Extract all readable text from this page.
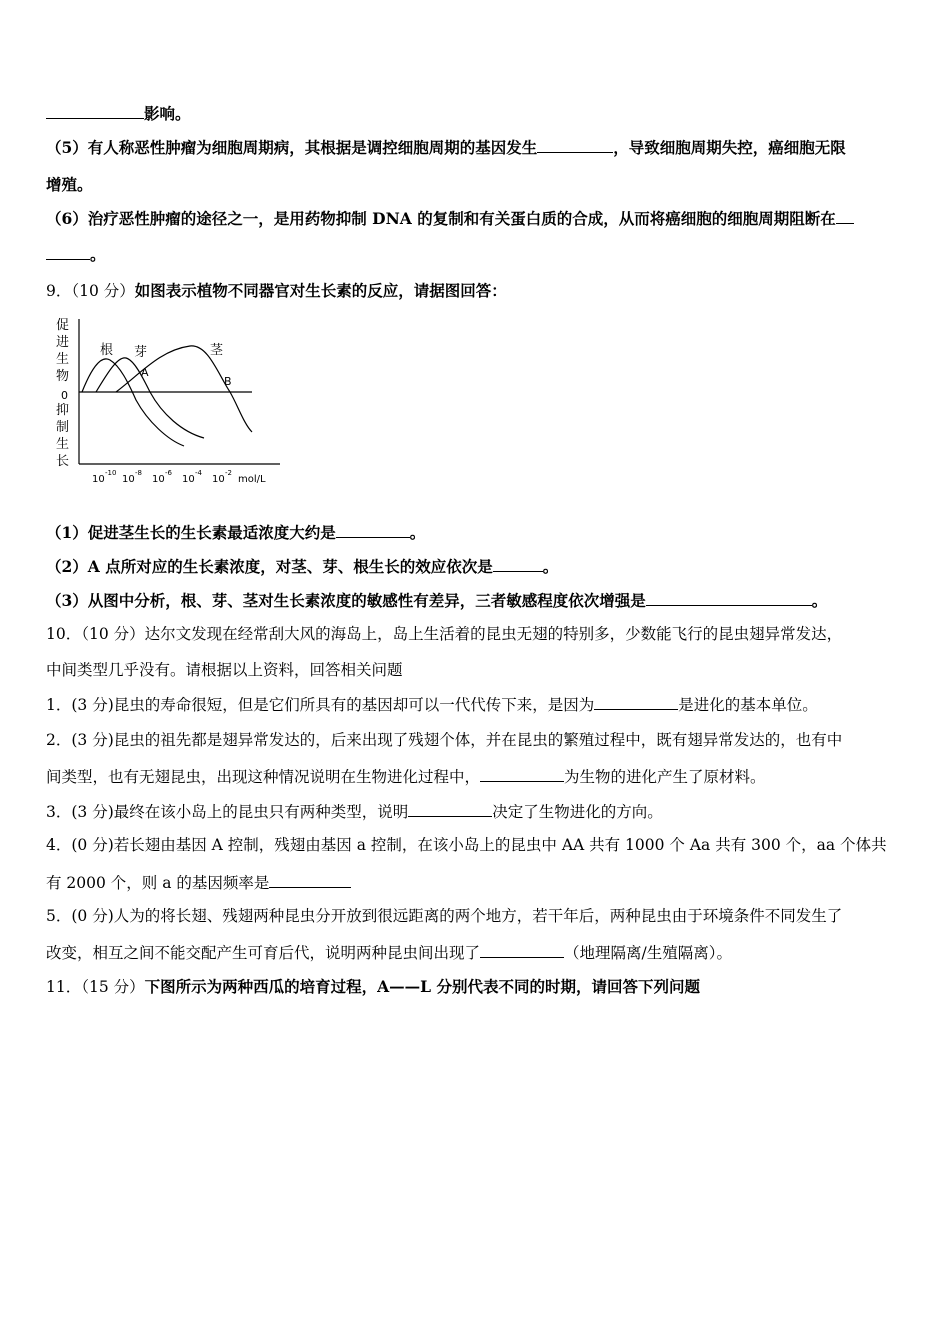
影响。
（5）有人称恶性肿瘤为细胞周期病，其根据是调控细胞周期的基因发生	，导致细胞周期失控，癌细胞无限
增殖。
（6）治疗恶性肿瘤的途径之一，是用药物抑制 DNA 的复制和有关蛋白质的合成，从而将癌细胞的细胞周期阻断在
。
9．（10 分）如图表示植物不同器官对生长素的反应，请据图回答：
促进生物
0
抑制生长
根 芽	茎
A
B
10
-10
10
-8
10
-6
10
-4
10
-2
mol/L
（1）促进茎生长的生长素最适浓度大约是	。
（2）A 点所对应的生长素浓度，对茎、芽、根生长的效应依次是	。
（3）从图中分析，根、芽、茎对生长素浓度的敏感性有差异，三者敏感程度依次增强是	。
10．（10 分）达尔文发现在经常刮大风的海岛上，岛上生活着的昆虫无翅的特别多，少数能飞行的昆虫翅异常发达，
中间类型几乎没有。请根据以上资料，回答相关问题
1．(3 分)昆虫的寿命很短，但是它们所具有的基因却可以一代代传下来，是因为	是进化的基本单位。
2．(3 分)昆虫的祖先都是翅异常发达的，后来出现了残翅个体，并在昆虫的繁殖过程中，既有翅异常发达的，也有中
间类型，也有无翅昆虫，出现这种情况说明在生物进化过程中，	为生物的进化产生了原材料。
3．(3 分)最终在该小岛上的昆虫只有两种类型，说明	决定了生物进化的方向。
4．(0 分)若长翅由基因 A 控制，残翅由基因 a 控制，在该小岛上的昆虫中 AA 共有 1000 个 Aa 共有 300 个，aa 个体共
有 2000 个，则 a 的基因频率是
5．(0 分)人为的将长翅、残翅两种昆虫分开放到很远距离的两个地方，若干年后，两种昆虫由于环境条件不同发生了
改变，相互之间不能交配产生可育后代，说明两种昆虫间出现了	（地理隔离/生殖隔离）。
11．（15 分）下图所示为两种西瓜的培育过程，A——L 分别代表不同的时期，请回答下列问题
